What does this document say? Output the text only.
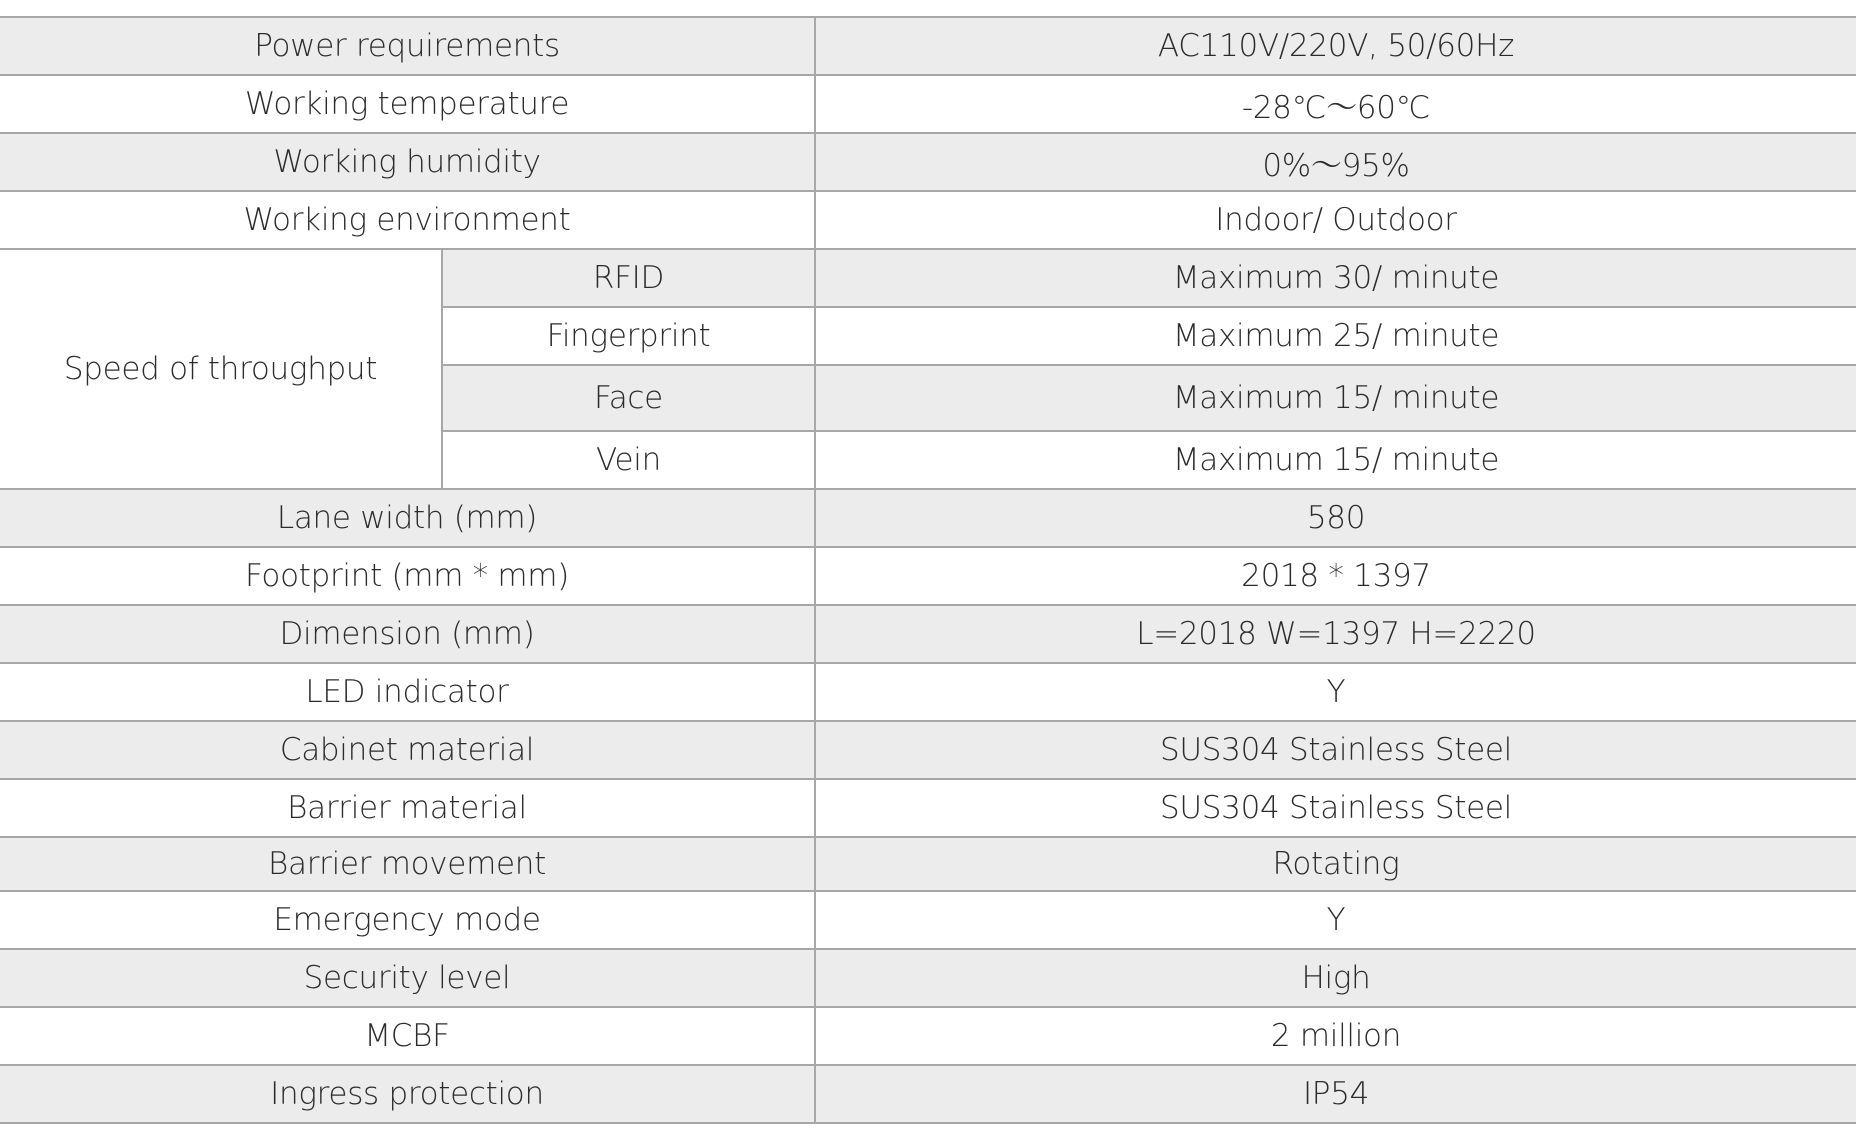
Power requirements		AC110V/220V, 50/60Hz
Working temperature		-28℃～60℃
Working humidity		0%～95%
Working environment		Indoor/ Outdoor
Speed of throughput	RFID	Maximum 30/ minute
	Fingerprint	Maximum 25/ minute
	Face	Maximum 15/ minute
	Vein	Maximum 15/ minute
Lane width (mm)		580
Footprint (mm * mm)		2018 * 1397
Dimension (mm)		L=2018 W=1397 H=2220
LED indicator		Y
Cabinet material		SUS304 Stainless Steel
Barrier material		SUS304 Stainless Steel
Barrier movement		Rotating
Emergency mode		Y
Security level		High
MCBF		2 million
Ingress protection		IP54
